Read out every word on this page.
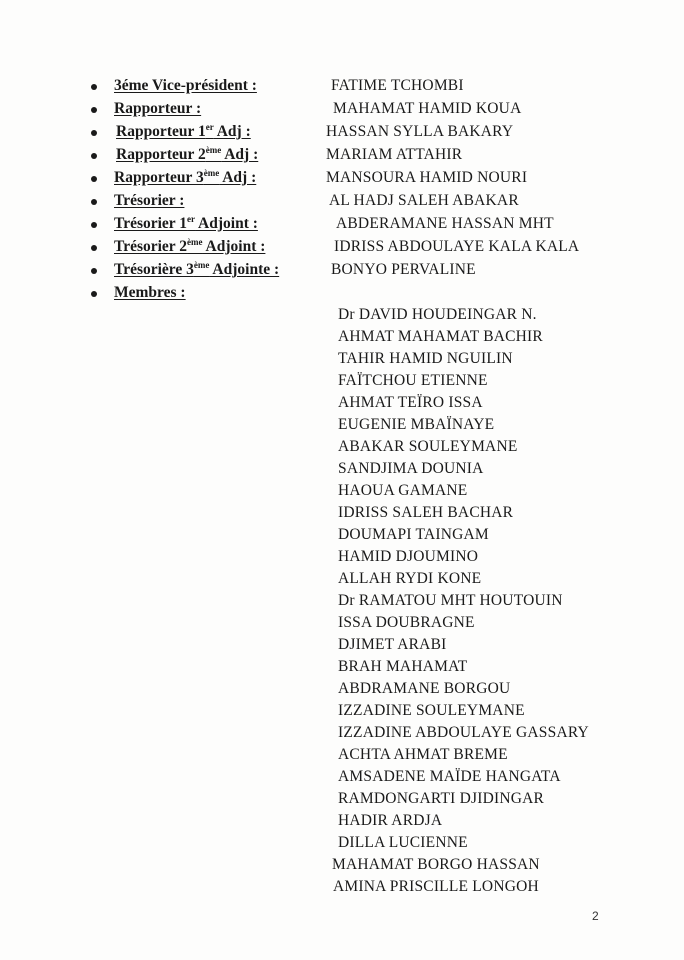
3éme Vice-président :	FATIME TCHOMBI
Rapporteur :	MAHAMAT HAMID KOUA
Rapporteur 1er Adj :	HASSAN SYLLA BAKARY
Rapporteur 2ème Adj :	MARIAM ATTAHIR
Rapporteur 3ème Adj :	MANSOURA HAMID NOURI
Trésorier :	AL HADJ SALEH ABAKAR
Trésorier 1er Adjoint :	ABDERAMANE HASSAN MHT
Trésorier 2ème Adjoint :	IDRISS ABDOULAYE KALA KALA
Trésorière 3ème Adjointe :	BONYO PERVALINE
Membres :
Dr DAVID HOUDEINGAR N.
AHMAT MAHAMAT BACHIR
TAHIR HAMID NGUILIN
FAÏTCHOU ETIENNE
AHMAT TEÏRO ISSA
EUGENIE MBAÏNAYE
ABAKAR SOULEYMANE
SANDJIMA DOUNIA
HAOUA GAMANE
IDRISS SALEH BACHAR
DOUMAPI TAINGAM
HAMID DJOUMINO
ALLAH RYDI KONE
Dr RAMATOU MHT HOUTOUIN
ISSA DOUBRAGNE
DJIMET ARABI
BRAH MAHAMAT
ABDRAMANE BORGOU
IZZADINE SOULEYMANE
IZZADINE ABDOULAYE GASSARY
ACHTA AHMAT BREME
AMSADENE MAÏDE HANGATA
RAMDONGARTI DJIDINGAR
HADIR ARDJA
DILLA LUCIENNE
MAHAMAT BORGO HASSAN
AMINA PRISCILLE LONGOH
2
